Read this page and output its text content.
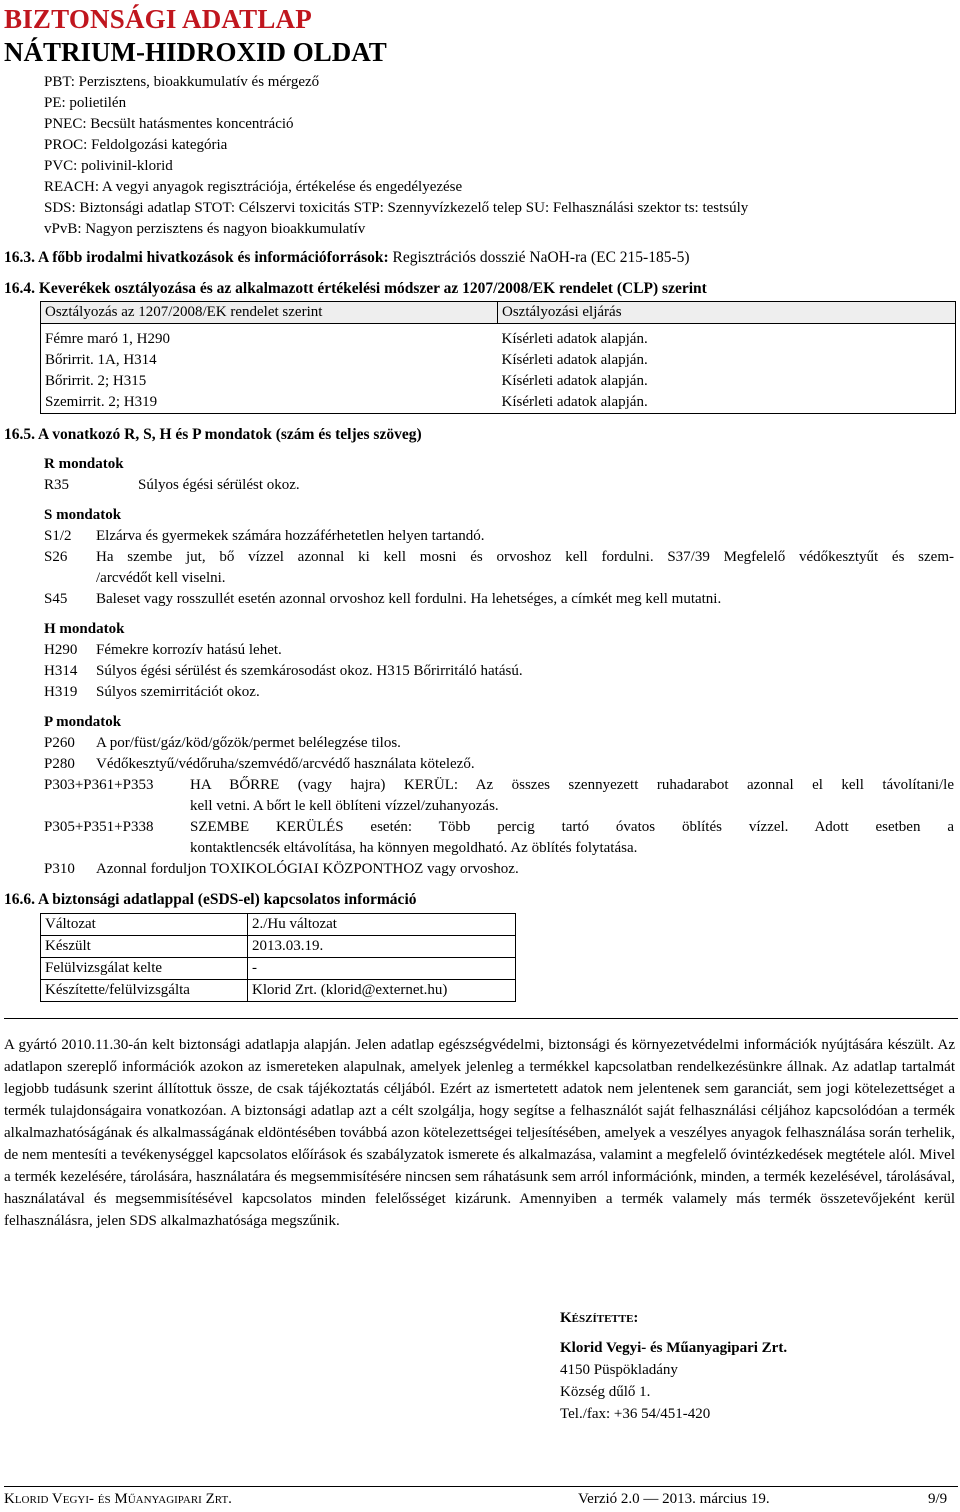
BIZTONSÁGI ADATLAP
NÁTRIUM-HIDROXID OLDAT
PBT: Perzisztens, bioakkumulatív és mérgező
PE: polietilén
PNEC: Becsült hatásmentes koncentráció
PROC: Feldolgozási kategória
PVC: polivinil-klorid
REACH: A vegyi anyagok regisztrációja, értékelése és engedélyezése
SDS: Biztonsági adatlap STOT: Célszervi toxicitás STP: Szennyvízkezelő telep SU: Felhasználási szektor ts: testsúly
vPvB: Nagyon perzisztens és nagyon bioakkumulatív
16.3. A főbb irodalmi hivatkozások és információforrások: Regisztrációs dosszié NaOH-ra (EC 215-185-5)
16.4. Keverékek osztályozása és az alkalmazott értékelési módszer az 1207/2008/EK rendelet (CLP) szerint
Osztályozás az 1207/2008/EK rendelet szerint	Osztályozási eljárás

Fémre maró 1, H290	Kísérleti adatok alapján.
Bőrirrit. 1A, H314	Kísérleti adatok alapján.
Bőrirrit. 2; H315	Kísérleti adatok alapján.
Szemirrit. 2; H319	Kísérleti adatok alapján.
16.5. A vonatkozó R, S, H és P mondatok (szám és teljes szöveg)
R mondatok
R35	Súlyos égési sérülést okoz.
S mondatok
S1/2 Elzárva és gyermekek számára hozzáférhetetlen helyen tartandó.
S26 Ha szembe jut, bő vízzel azonnal ki kell mosni és orvoshoz kell fordulni. S37/39 Megfelelő védőkesztyűt és szem-
/arcvédőt kell viselni.
S45 Baleset vagy rosszullét esetén azonnal orvoshoz kell fordulni. Ha lehetséges, a címkét meg kell mutatni.
H mondatok
H290 Fémekre korrozív hatású lehet.
H314 Súlyos égési sérülést és szemkárosodást okoz. H315 Bőrirritáló hatású.
H319 Súlyos szemirritációt okoz.
P mondatok
P260 A por/füst/gáz/köd/gőzök/permet belélegzése tilos.
P280 Védőkesztyű/védőruha/szemvédő/arcvédő használata kötelező.
P303+P361+P353 HA BŐRRE (vagy hajra) KERÜL: Az összes szennyezett ruhadarabot azonnal el kell távolítani/le
kell vetni. A bőrt le kell öblíteni vízzel/zuhanyozás.
P305+P351+P338 SZEMBE KERÜLÉS esetén: Több percig tartó óvatos öblítés vízzel. Adott esetben a
kontaktlencsék eltávolítása, ha könnyen megoldható. Az öblítés folytatása.
P310 Azonnal forduljon TOXIKOLÓGIAI KÖZPONTHOZ vagy orvoshoz.
16.6. A biztonsági adatlappal (eSDS-el) kapcsolatos információ
Változat	2./Hu változat
Készült	2013.03.19.
Felülvizsgálat kelte	-
Készítette/felülvizsgálta	Klorid Zrt. (klorid@externet.hu)
A gyártó 2010.11.30-án kelt biztonsági adatlapja alapján. Jelen adatlap egészségvédelmi, biztonsági és környezetvédelmi információk nyújtására készült. Az adatlapon szereplő információk azokon az ismereteken alapulnak, amelyek jelenleg a termékkel kapcsolatban rendelkezésünkre állnak. Az adatlap tartalmát legjobb tudásunk szerint állítottuk össze, de csak tájékoztatás céljából. Ezért az ismertetett adatok nem jelentenek sem garanciát, sem jogi kötelezettséget a termék tulajdonságaira vonatkozóan. A biztonsági adatlap azt a célt szolgálja, hogy segítse a felhasználót saját felhasználási céljához kapcsolódóan a termék alkalmazhatóságának és alkalmasságának eldöntésében továbbá azon kötelezettségei teljesítésében, amelyek a veszélyes anyagok felhasználása során terhelik, de nem mentesíti a tevékenységgel kapcsolatos előírások és szabályzatok ismerete és alkalmazása, valamint a megfelelő óvintézkedések megtétele alól. Mivel a termék kezelésére, tárolására, használatára és megsemmisítésére nincsen sem ráhatásunk sem arról információnk, minden, a termék kezelésével, tárolásával, használatával és megsemmisítésével kapcsolatos minden felelősséget kizárunk. Amennyiben a termék valamely más termék összetevőjeként kerül felhasználásra, jelen SDS alkalmazhatósága megszűnik.
Készítette:
Klorid Vegyi- és Műanyagipari Zrt.
4150 Püspökladány
Község dűlő 1.
Tel./fax: +36 54/451-420
Klorid Vegyi- és Műanyagipari Zrt.	Verzió 2.0 — 2013. március 19.	9/9
